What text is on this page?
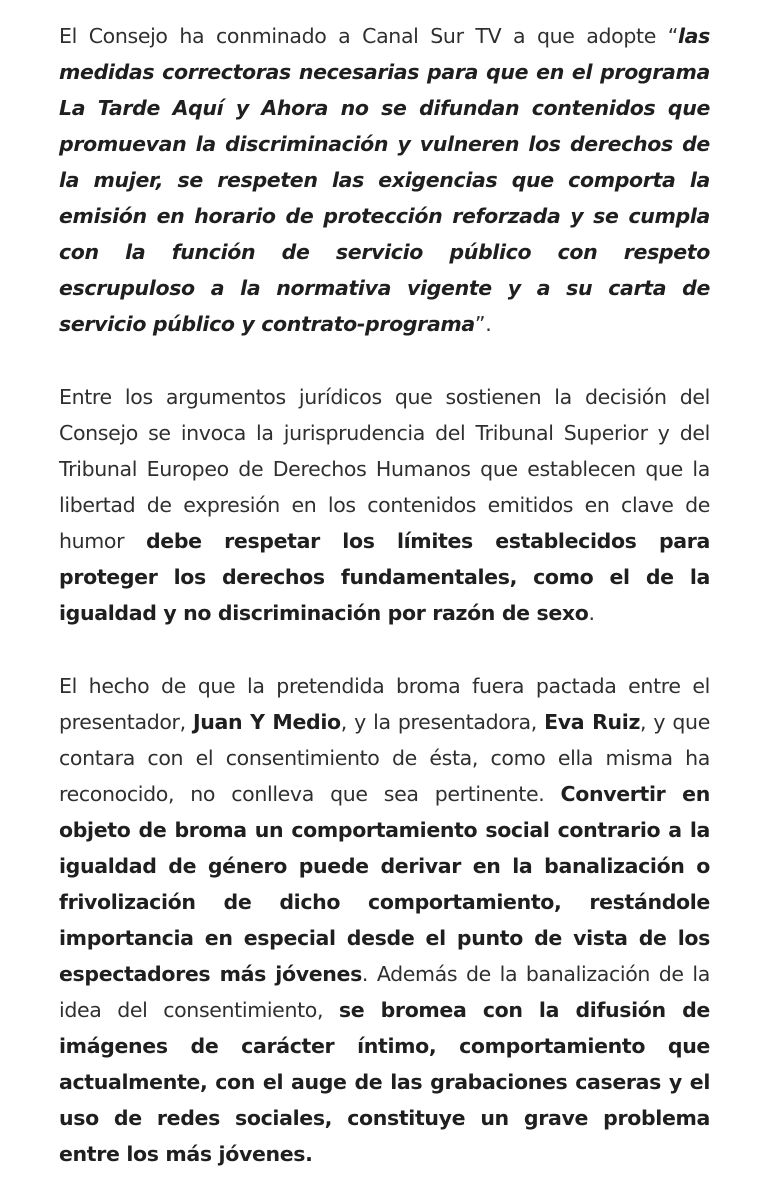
El Consejo ha conminado a Canal Sur TV a que adopte “las medidas correctoras necesarias para que en el programa La Tarde Aquí y Ahora no se difundan contenidos que promuevan la discriminación y vulneren los derechos de la mujer, se respeten las exigencias que comporta la emisión en horario de protección reforzada y se cumpla con la función de servicio público con respeto escrupuloso a la normativa vigente y a su carta de servicio público y contrato-programa”.

Entre los argumentos jurídicos que sostienen la decisión del Consejo se invoca la jurisprudencia del Tribunal Superior y del Tribunal Europeo de Derechos Humanos que establecen que la libertad de expresión en los contenidos emitidos en clave de humor debe respetar los límites establecidos para proteger los derechos fundamentales, como el de la igualdad y no discriminación por razón de sexo.

El hecho de que la pretendida broma fuera pactada entre el presentador, Juan Y Medio, y la presentadora, Eva Ruiz, y que contara con el consentimiento de ésta, como ella misma ha reconocido, no conlleva que sea pertinente. Convertir en objeto de broma un comportamiento social contrario a la igualdad de género puede derivar en la banalización o frivolización de dicho comportamiento, restándole importancia en especial desde el punto de vista de los espectadores más jóvenes. Además de la banalización de la idea del consentimiento, se bromea con la difusión de imágenes de carácter íntimo, comportamiento que actualmente, con el auge de las grabaciones caseras y el uso de redes sociales, constituye un grave problema entre los más jóvenes.
